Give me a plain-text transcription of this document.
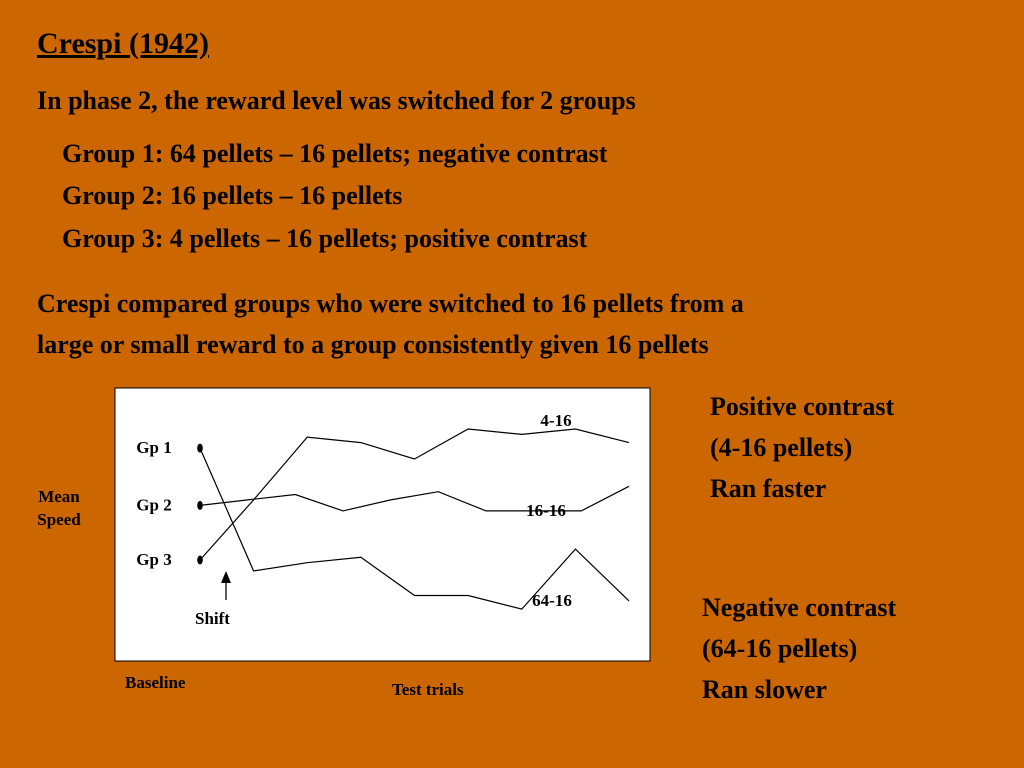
Crespi (1942)
In phase 2, the reward level was switched for 2 groups
Group 1: 64 pellets – 16 pellets; negative contrast
Group 2: 16 pellets – 16 pellets
Group 3: 4 pellets – 16 pellets; positive contrast
Crespi compared groups who were switched to 16 pellets from a
large or small reward to a group consistently given 16 pellets
Gp 1
Gp 2
Gp 3
4-16
16-16
64-16
Shift
Mean
Speed
Baseline	Test trials
Positive contrast
(4-16 pellets)
Ran faster
Negative contrast
(64-16 pellets)
Ran slower
